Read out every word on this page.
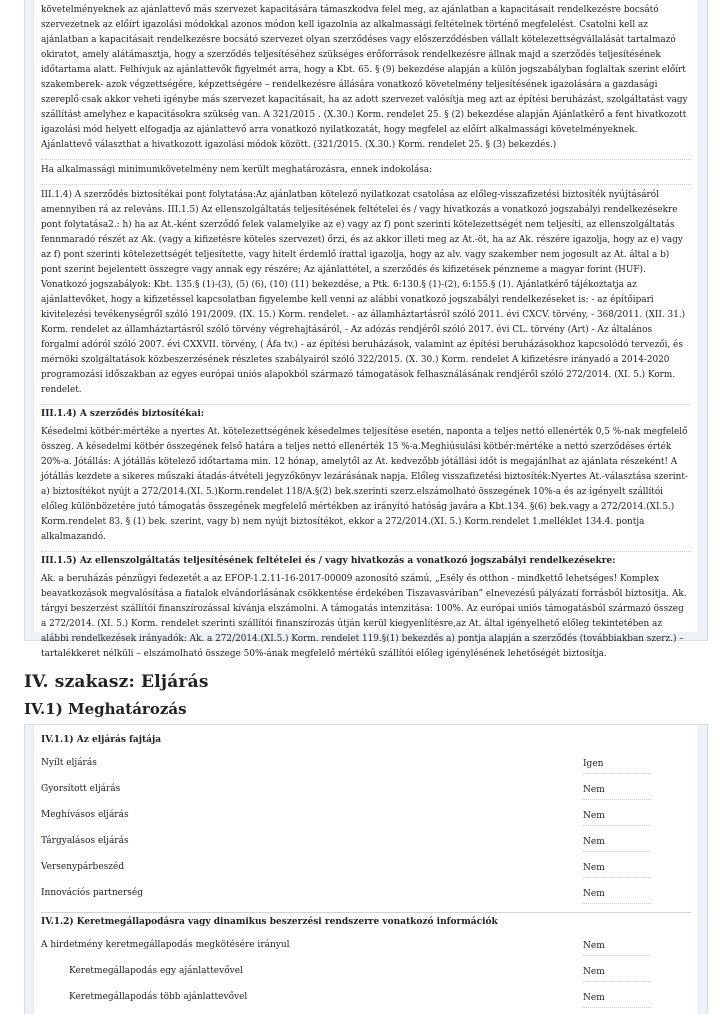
követelményeknek az ajánlattevő más szervezet kapacitására támaszkodva felel meg, az ajánlatban a kapacitásait rendelkezésre bocsátó szervezetnek az előírt igazolási módokkal azonos módon kell igazolnia az alkalmassági feltételnek történő megfelelést. Csatolni kell az ajánlatban a kapacitásait rendelkezésre bocsátó szervezet olyan szerződéses vagy előszerződésben vállalt kötelezettségvállalását tartalmazó okiratot, amely alátámasztja, hogy a szerződés teljesítéséhez szükséges erőforrások rendelkezésre állnak majd a szerződés teljesítésének időtartama alatt. Felhívjuk az ajánlattevők figyelmét arra, hogy a Kbt. 65. § (9) bekezdése alapján a külön jogszabályban foglaltak szerint előírt szakemberek- azok végzettségére, képzettségére – rendelkezésre állására vonatkozó követelmény teljesítésének igazolására a gazdasági szereplő csak akkor veheti igénybe más szervezet kapacitásait, ha az adott szervezet valósítja meg azt az építési beruházást, szolgáltatást vagy szállítást amelyhez e kapacitásokra szükség van. A 321/2015 . (X.30.) Korm. rendelet 25. § (2) bekezdése alapján Ajánlatkérő a fent hivatkozott igazolási mód helyett elfogadja az ajánlattevő arra vonatkozó nyilatkozatát, hogy megfelel az előírt alkalmassági követelményeknek. Ajánlattevő választhat a hivatkozott igazolási módok között. (321/2015. (X.30.) Korm. rendelet 25. § (3) bekezdés.)

Ha alkalmassági minimumkövetelmény nem került meghatározásra, ennek indokolása:

III.1.4) A szerződés biztosítékai pont folytatása:Az ajánlatban kötelező nyilatkozat csatolása az előleg-visszafizetési biztosíték nyújtásáról amennyiben rá az releváns. III.1.5) Az ellenszolgáltatás teljesítésének feltételei és / vagy hivatkozás a vonatkozó jogszabályi rendelkezésekre pont folytatása2.: h) ha az At.-ként szerződő felek valamelyike az e) vagy az f) pont szerinti kötelezettségét nem teljesíti, az ellenszolgáltatás fennmaradó részét az Ak. (vagy a kifizetésre köteles szervezet) őrzi, és az akkor illeti meg az At.-öt, ha az Ak. részére igazolja, hogy az e) vagy az f) pont szerinti kötelezettségét teljesítette, vagy hitelt érdemlő írattal igazolja, hogy az alv. vagy szakember nem jogosult az At. által a b) pont szerint bejelentett összegre vagy annak egy részére; Az ajánlattétel, a szerződés és kifizetések pénzneme a magyar forint (HUF). Vonatkozó jogszabályok: Kbt. 135.§ (1)-(3), (5) (6), (10) (11) bekezdése, a Ptk. 6:130.§ (1)-(2), 6:155.§ (1). Ajánlatkérő tájékoztatja az ajánlattevőket, hogy a kifizetéssel kapcsolatban figyelembe kell venni az alábbi vonatkozó jogszabályi rendelkezéseket is: - az építőipari kivitelezési tevékenységről szóló 191/2009. (IX. 15.) Korm. rendelet. - az államháztartásról szóló 2011. évi CXCV. törvény, - 368/2011. (XII. 31.) Korm. rendelet az államháztartásról szóló törvény végrehajtásáról, - Az adózás rendjéről szóló 2017. évi CL. törvény (Art) - Az általános forgalmi adóról szóló 2007. évi CXXVII. törvény, ( Áfa tv.) - az építési beruházások, valamint az építési beruházásokhoz kapcsolódó tervezői, és mérnöki szolgáltatások közbeszerzésének részletes szabályairól szóló 322/2015. (X. 30.) Korm. rendelet A kifizetésre irányadó a 2014-2020 programozási időszakban az egyes európai uniós alapokból származó támogatások felhasználásának rendjéről szóló 272/2014. (XI. 5.) Korm. rendelet.

III.1.4) A szerződés biztosítékai:

Késedelmi kötbér:mértéke a nyertes At. kötelezettségének késedelmes teljesítése esetén, naponta a teljes nettó ellenérték 0,5 %-nak megfelelő összeg. A késedelmi kötbér összegének felső határa a teljes nettó ellenérték 15 %-a.Meghiúsulási kötbér:mértéke a nettó szerződéses érték 20%-a. Jótállás: A jótállás kötelező időtartama min. 12 hónap, amelytől az At. kedvezőbb jótállási időt is megajánlhat az ajánlata részeként! A jótállás kezdete a sikeres műszaki átadás-átvételi jegyzőkönyv lezárásának napja. Előleg visszafizetési biztosíték:Nyertes At.-választása szerint- a) biztosítékot nyújt a 272/2014.(XI. 5.)Korm.rendelet 118/A.§(2) bek.szerinti szerz.elszámolható összegének 10%-a és az igényelt szállítói előleg különbözetére jutó támogatás összegének megfelelő mértékben az irányító hatóság javára a Kbt.134. §(6) bek.vagy a 272/2014.(XI.5.) Korm.rendelet 83. § (1) bek. szerint, vagy b) nem nyújt biztosítékot, ekkor a 272/2014.(XI. 5.) Korm.rendelet 1.melléklet 134.4. pontja alkalmazandó.

III.1.5) Az ellenszolgáltatás teljesítésének feltételei és / vagy hivatkozás a vonatkozó jogszabályi rendelkezésekre:

Ak. a beruházás pénzügyi fedezetét a az EFOP-1.2.11-16-2017-00009 azonosító számú, „Esély és otthon - mindkettő lehetséges! Komplex beavatkozások megvalósítása a fiatalok elvándorlásának csökkentése érdekében Tiszavasváriban” elnevezésű pályázati forrásból biztosítja. Ak. tárgyi beszerzést szállítói finanszírozással kívánja elszámolni. A támogatás intenzitása: 100%. Az európai uniós támogatásból származó összeg a 272/2014. (XI. 5.) Korm. rendelet szerinti szállítói finanszírozás útján kerül kiegyenlítésre,az At. által igényelhető előleg tekintetében az alábbi rendelkezések irányadók: Ak. a 272/2014.(XI.5.) Korm. rendelet 119.§(1) bekezdés a) pontja alapján a szerződés (továbbiakban szerz.) – tartalékkeret nélküli – elszámolható összege 50%-ának megfelelő mértékű szállítói előleg igénylésének lehetőségét biztosítja.

IV. szakasz: Eljárás
IV.1) Meghatározás

IV.1.1) Az eljárás fajtája

Nyílt eljárás	Igen
Gyorsított eljárás	Nem
Meghívásos eljárás	Nem
Tárgyalásos eljárás	Nem
Versenypárbeszéd	Nem
Innovációs partnerség	Nem

IV.1.2) Keretmegállapodásra vagy dinamikus beszerzési rendszerre vonatkozó információk

A hirdetmény keretmegállapodás megkötésére irányul	Nem
Keretmegállapodás egy ajánlattevővel	Nem
Keretmegállapodás több ajánlattevővel	Nem
